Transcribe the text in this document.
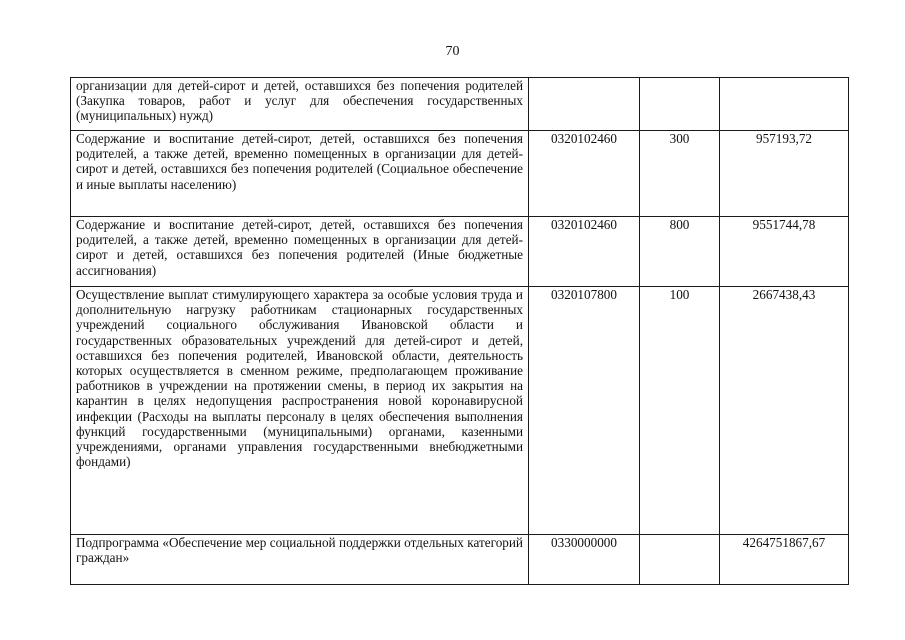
70
организации для детей-сирот и детей, оставшихся без попечения родителей (Закупка товаров, работ и услуг для обеспечения государственных (муниципальных) нужд)			
Содержание и воспитание детей-сирот, детей, оставшихся без попечения родителей, а также детей, временно помещенных в организации для детей-сирот и детей, оставшихся без попечения родителей (Социальное обеспечение и иные выплаты населению)	0320102460	300	957193,72
Содержание и воспитание детей-сирот, детей, оставшихся без попечения родителей, а также детей, временно помещенных в организации для детей-сирот и детей, оставшихся без попечения родителей (Иные бюджетные ассигнования)	0320102460	800	9551744,78
Осуществление выплат стимулирующего характера за особые условия труда и дополнительную нагрузку работникам стационарных государственных учреждений социального обслуживания Ивановской области и государственных образовательных учреждений для детей-сирот и детей, оставшихся без попечения родителей, Ивановской области, деятельность которых осуществляется в сменном режиме, предполагающем проживание работников в учреждении на протяжении смены, в период их закрытия на карантин в целях недопущения распространения новой коронавирусной инфекции (Расходы на выплаты персоналу в целях обеспечения выполнения функций государственными (муниципальными) органами, казенными учреждениями, органами управления государственными внебюджетными фондами)	0320107800	100	2667438,43
Подпрограмма «Обеспечение мер социальной поддержки отдельных категорий граждан»	0330000000		4264751867,67
